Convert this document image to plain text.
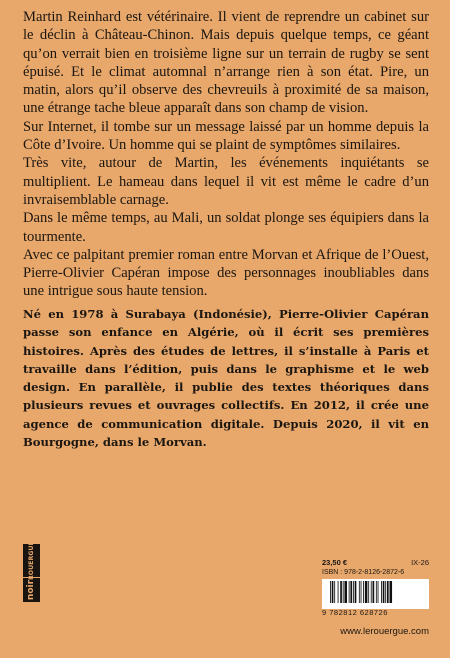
Martin Reinhard est vétérinaire. Il vient de reprendre un cabinet sur le déclin à Château-Chinon. Mais depuis quelque temps, ce géant qu’on verrait bien en troisième ligne sur un terrain de rugby se sent épuisé. Et le climat automnal n’arrange rien à son état. Pire, un matin, alors qu’il observe des chevreuils à proximité de sa maison, une étrange tache bleue apparaît dans son champ de vision.

Sur Internet, il tombe sur un message laissé par un homme depuis la Côte d’Ivoire. Un homme qui se plaint de symptômes similaires.

Très vite, autour de Martin, les événements inquiétants se multiplient. Le hameau dans lequel il vit est même le cadre d’un invraisemblable carnage.

Dans le même temps, au Mali, un soldat plonge ses équipiers dans la tourmente.

Avec ce palpitant premier roman entre Morvan et Afrique de l’Ouest, Pierre-Olivier Capéran impose des personnages inoubliables dans une intrigue sous haute tension.

Né en 1978 à Surabaya (Indonésie), Pierre-Olivier Capéran passe son enfance en Algérie, où il écrit ses premières histoires. Après des études de lettres, il s’installe à Paris et travaille dans l’édition, puis dans le graphisme et le web design. En parallèle, il publie des textes théoriques dans plusieurs revues et ouvrages collectifs. En 2012, il crée une agence de communication digitale. Depuis 2020, il vit en Bourgogne, dans le Morvan.

ROUERGUE
noir
23,50 €	IX-26
ISBN : 978-2-8126-2872-6
9 782812 628726
www.lerouergue.com
